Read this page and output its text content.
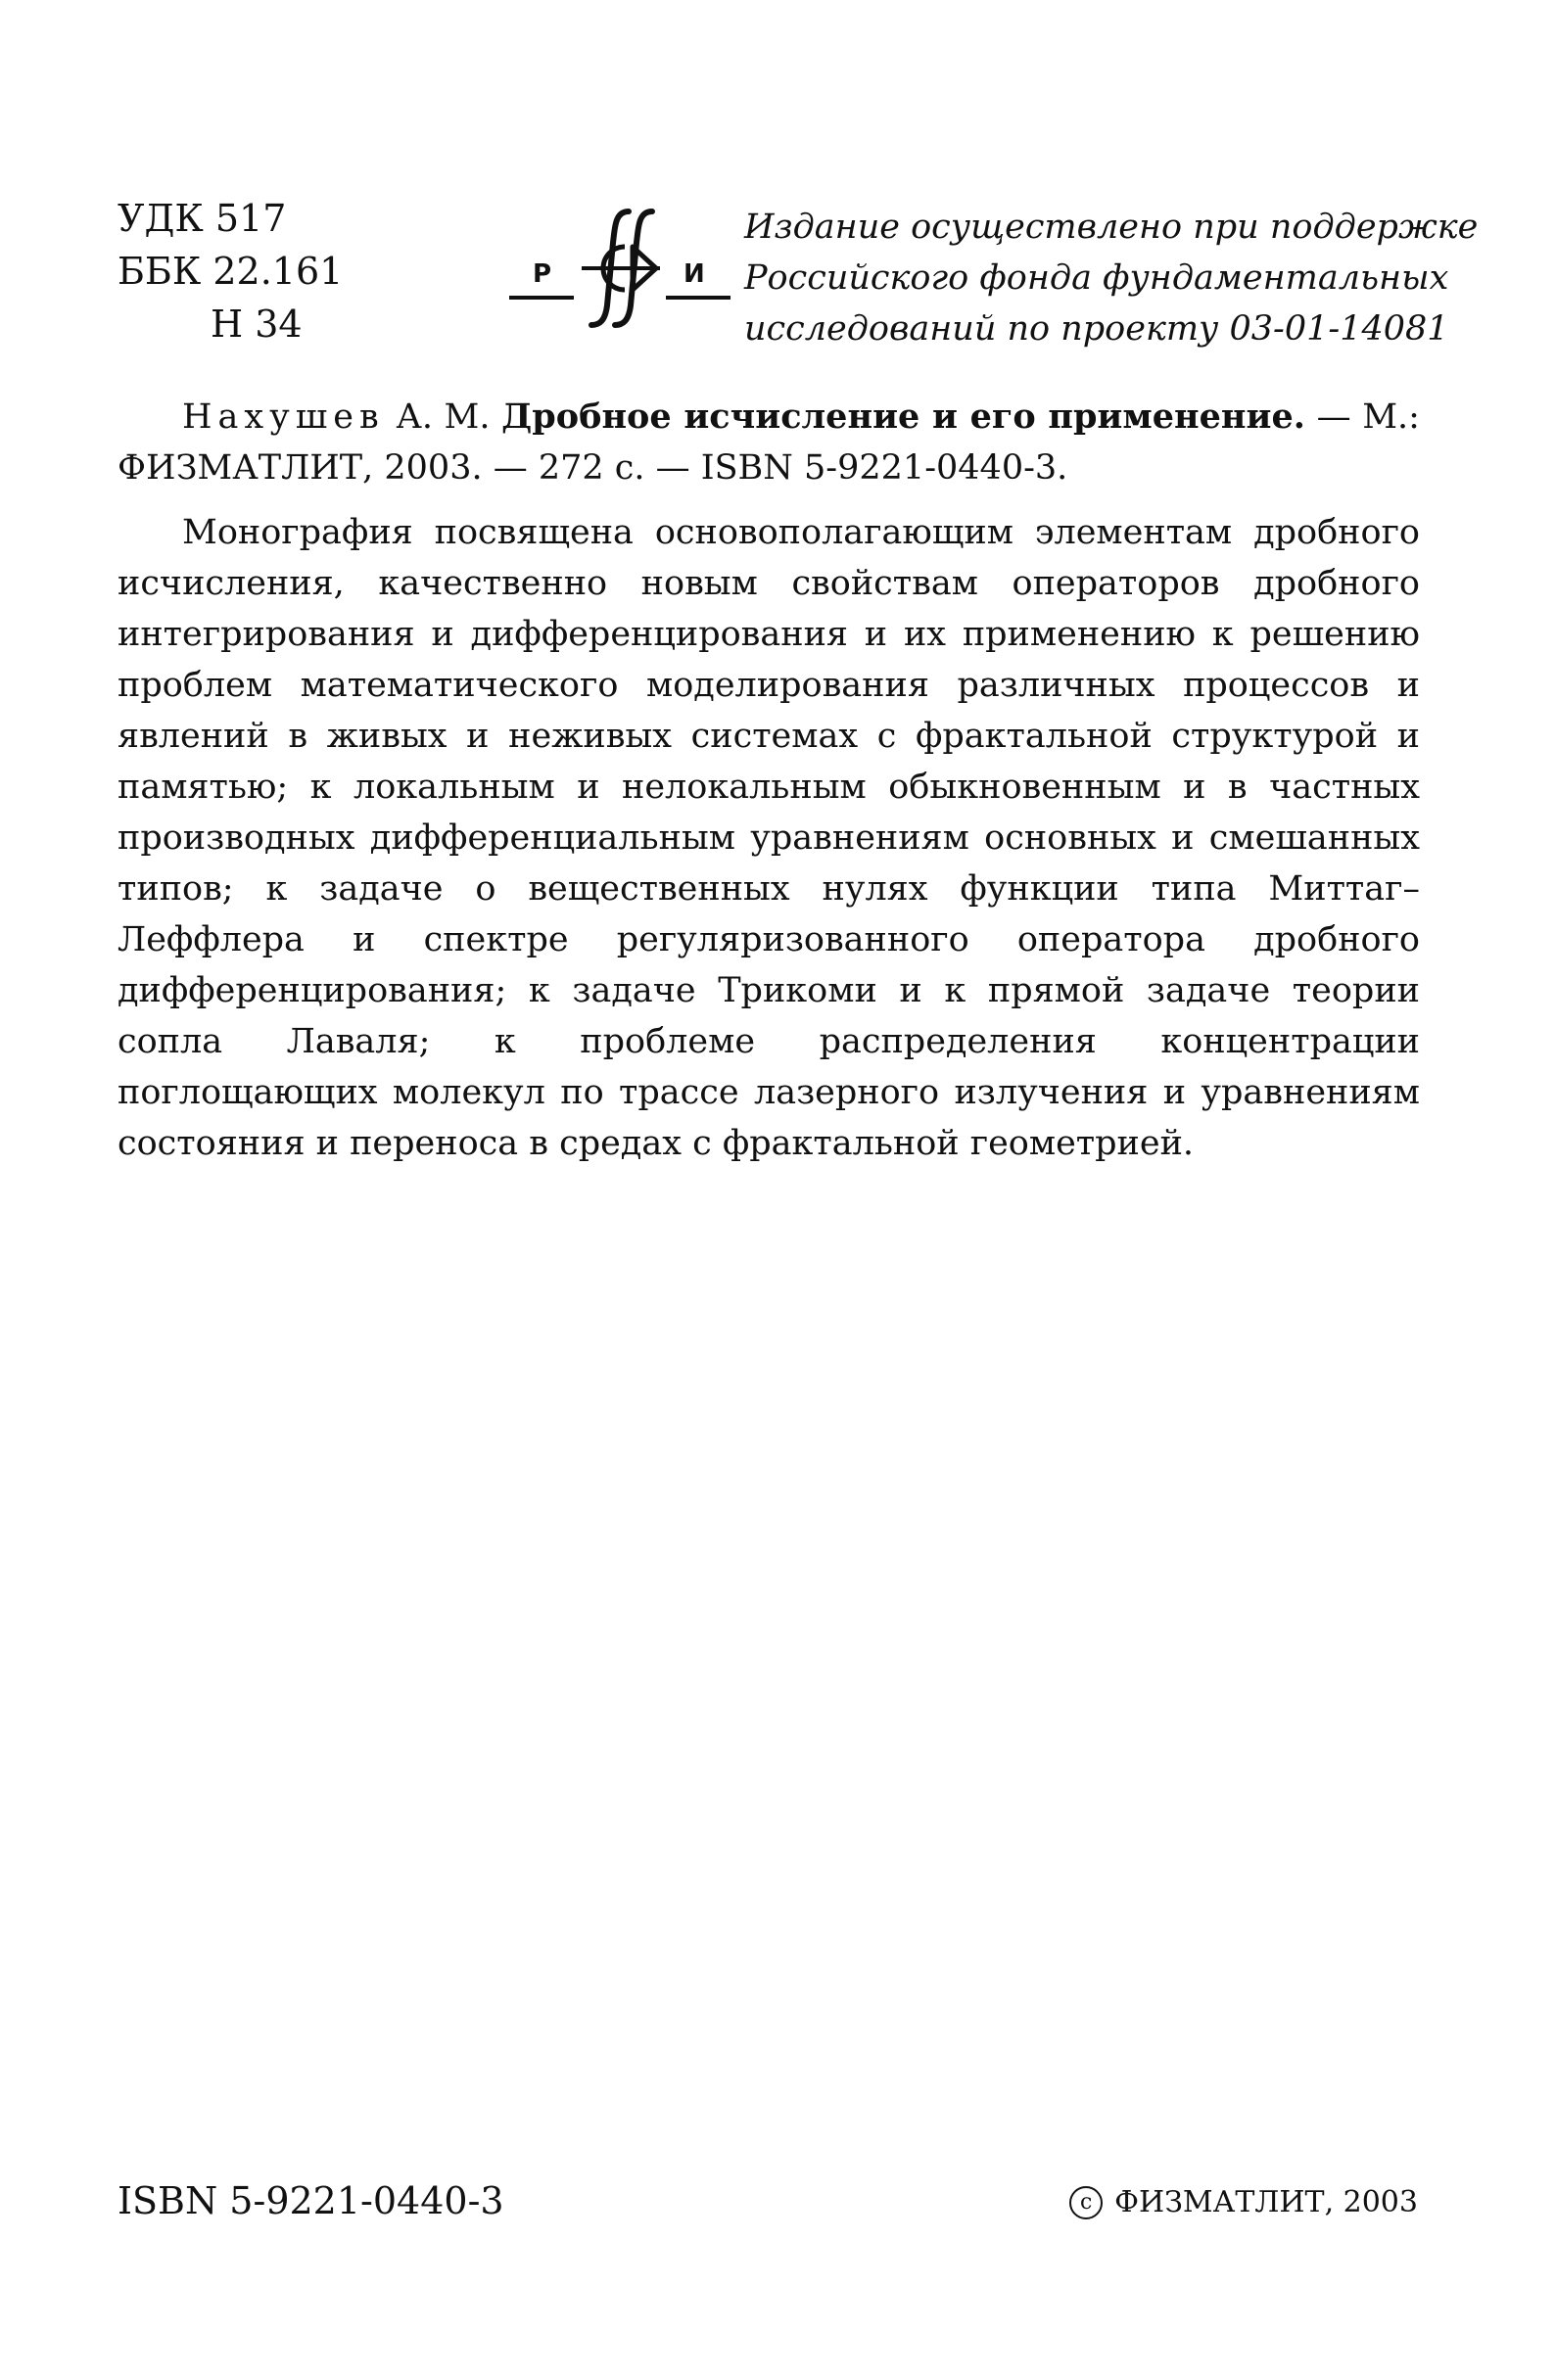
УДК 517
ББК 22.161
Н 34
Р	И
Издание осуществлено при поддержке
Российского фонда фундаментальных
исследований по проекту 03-01-14081

Нахушев А. М. Дробное исчисление и его применение. — М.: ФИЗМАТЛИТ, 2003. — 272 с. — ISBN 5-9221-0440-3.

Монография посвящена основополагающим элементам дробного исчисления, качественно новым свойствам операторов дробного интегрирования и дифференцирования и их применению к решению проблем математического моделирования различных процессов и явлений в живых и неживых системах с фрактальной структурой и памятью; к локальным и нелокальным обыкновенным и в частных производных дифференциальным уравнениям основных и смешанных типов; к задаче о вещественных нулях функции типа Миттаг–Леффлера и спектре регуляризованного оператора дробного дифференцирования; к задаче Трикоми и к прямой задаче теории сопла Лаваля; к проблеме распределения концентрации поглощающих молекул по трассе лазерного излучения и уравнениям состояния и переноса в средах с фрактальной геометрией.

ISBN 5-9221-0440-3	c ФИЗМАТЛИТ, 2003
